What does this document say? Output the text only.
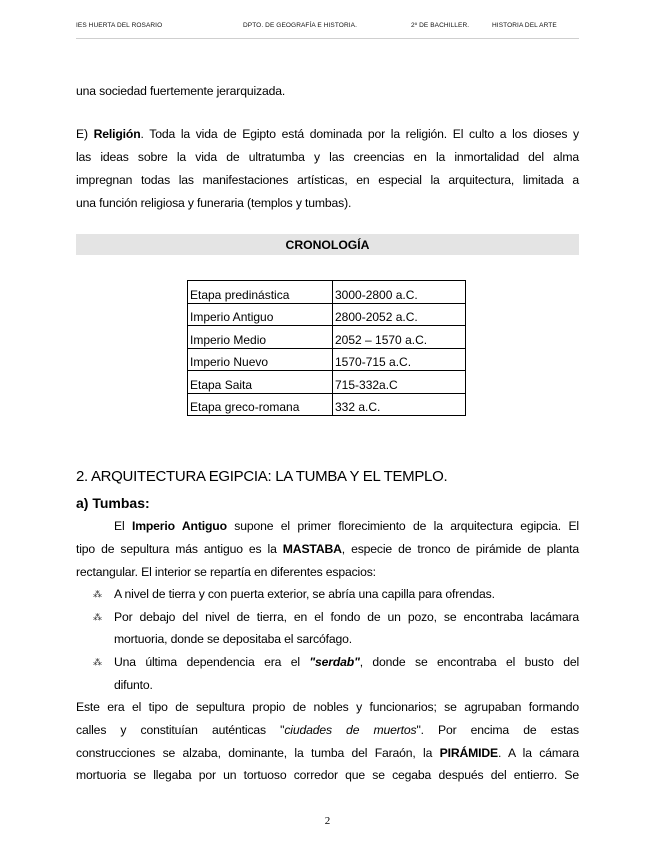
IES HUERTA DEL ROSARIO	DPTO. DE GEOGRAFÍA E HISTORIA.	2º DE BACHILLER.	HISTORIA DEL ARTE
una sociedad fuertemente jerarquizada.
E) Religión. Toda la vida de Egipto está dominada por la religión. El culto a los dioses y
las ideas sobre la vida de ultratumba y las creencias en la inmortalidad del alma
impregnan todas las manifestaciones artísticas, en especial la arquitectura, limitada a
una función religiosa y funeraria (templos y tumbas).
CRONOLOGÍA
Etapa predinástica	3000-2800 a.C.
Imperio Antiguo	2800-2052 a.C.
Imperio Medio	2052 – 1570 a.C.
Imperio Nuevo	1570-715 a.C.
Etapa Saita	715-332a.C
Etapa greco-romana	332 a.C.
2. ARQUITECTURA EGIPCIA: LA TUMBA Y EL TEMPLO.
a) Tumbas:
El Imperio Antiguo supone el primer florecimiento de la arquitectura egipcia. El
tipo de sepultura más antiguo es la MASTABA, especie de tronco de pirámide de planta
rectangular. El interior se repartía en diferentes espacios:
⁂ A nivel de tierra y con puerta exterior, se abría una capilla para ofrendas.
⁂ Por debajo del nivel de tierra, en el fondo de un pozo, se encontraba lacámara
mortuoria, donde se depositaba el sarcófago.
⁂ Una última dependencia era el "serdab", donde se encontraba el busto del
difunto.
Este era el tipo de sepultura propio de nobles y funcionarios; se agrupaban formando
calles y constituían auténticas "ciudades de muertos". Por encima de estas
construcciones se alzaba, dominante, la tumba del Faraón, la PIRÁMIDE. A la cámara
mortuoria se llegaba por un tortuoso corredor que se cegaba después del entierro. Se
2
